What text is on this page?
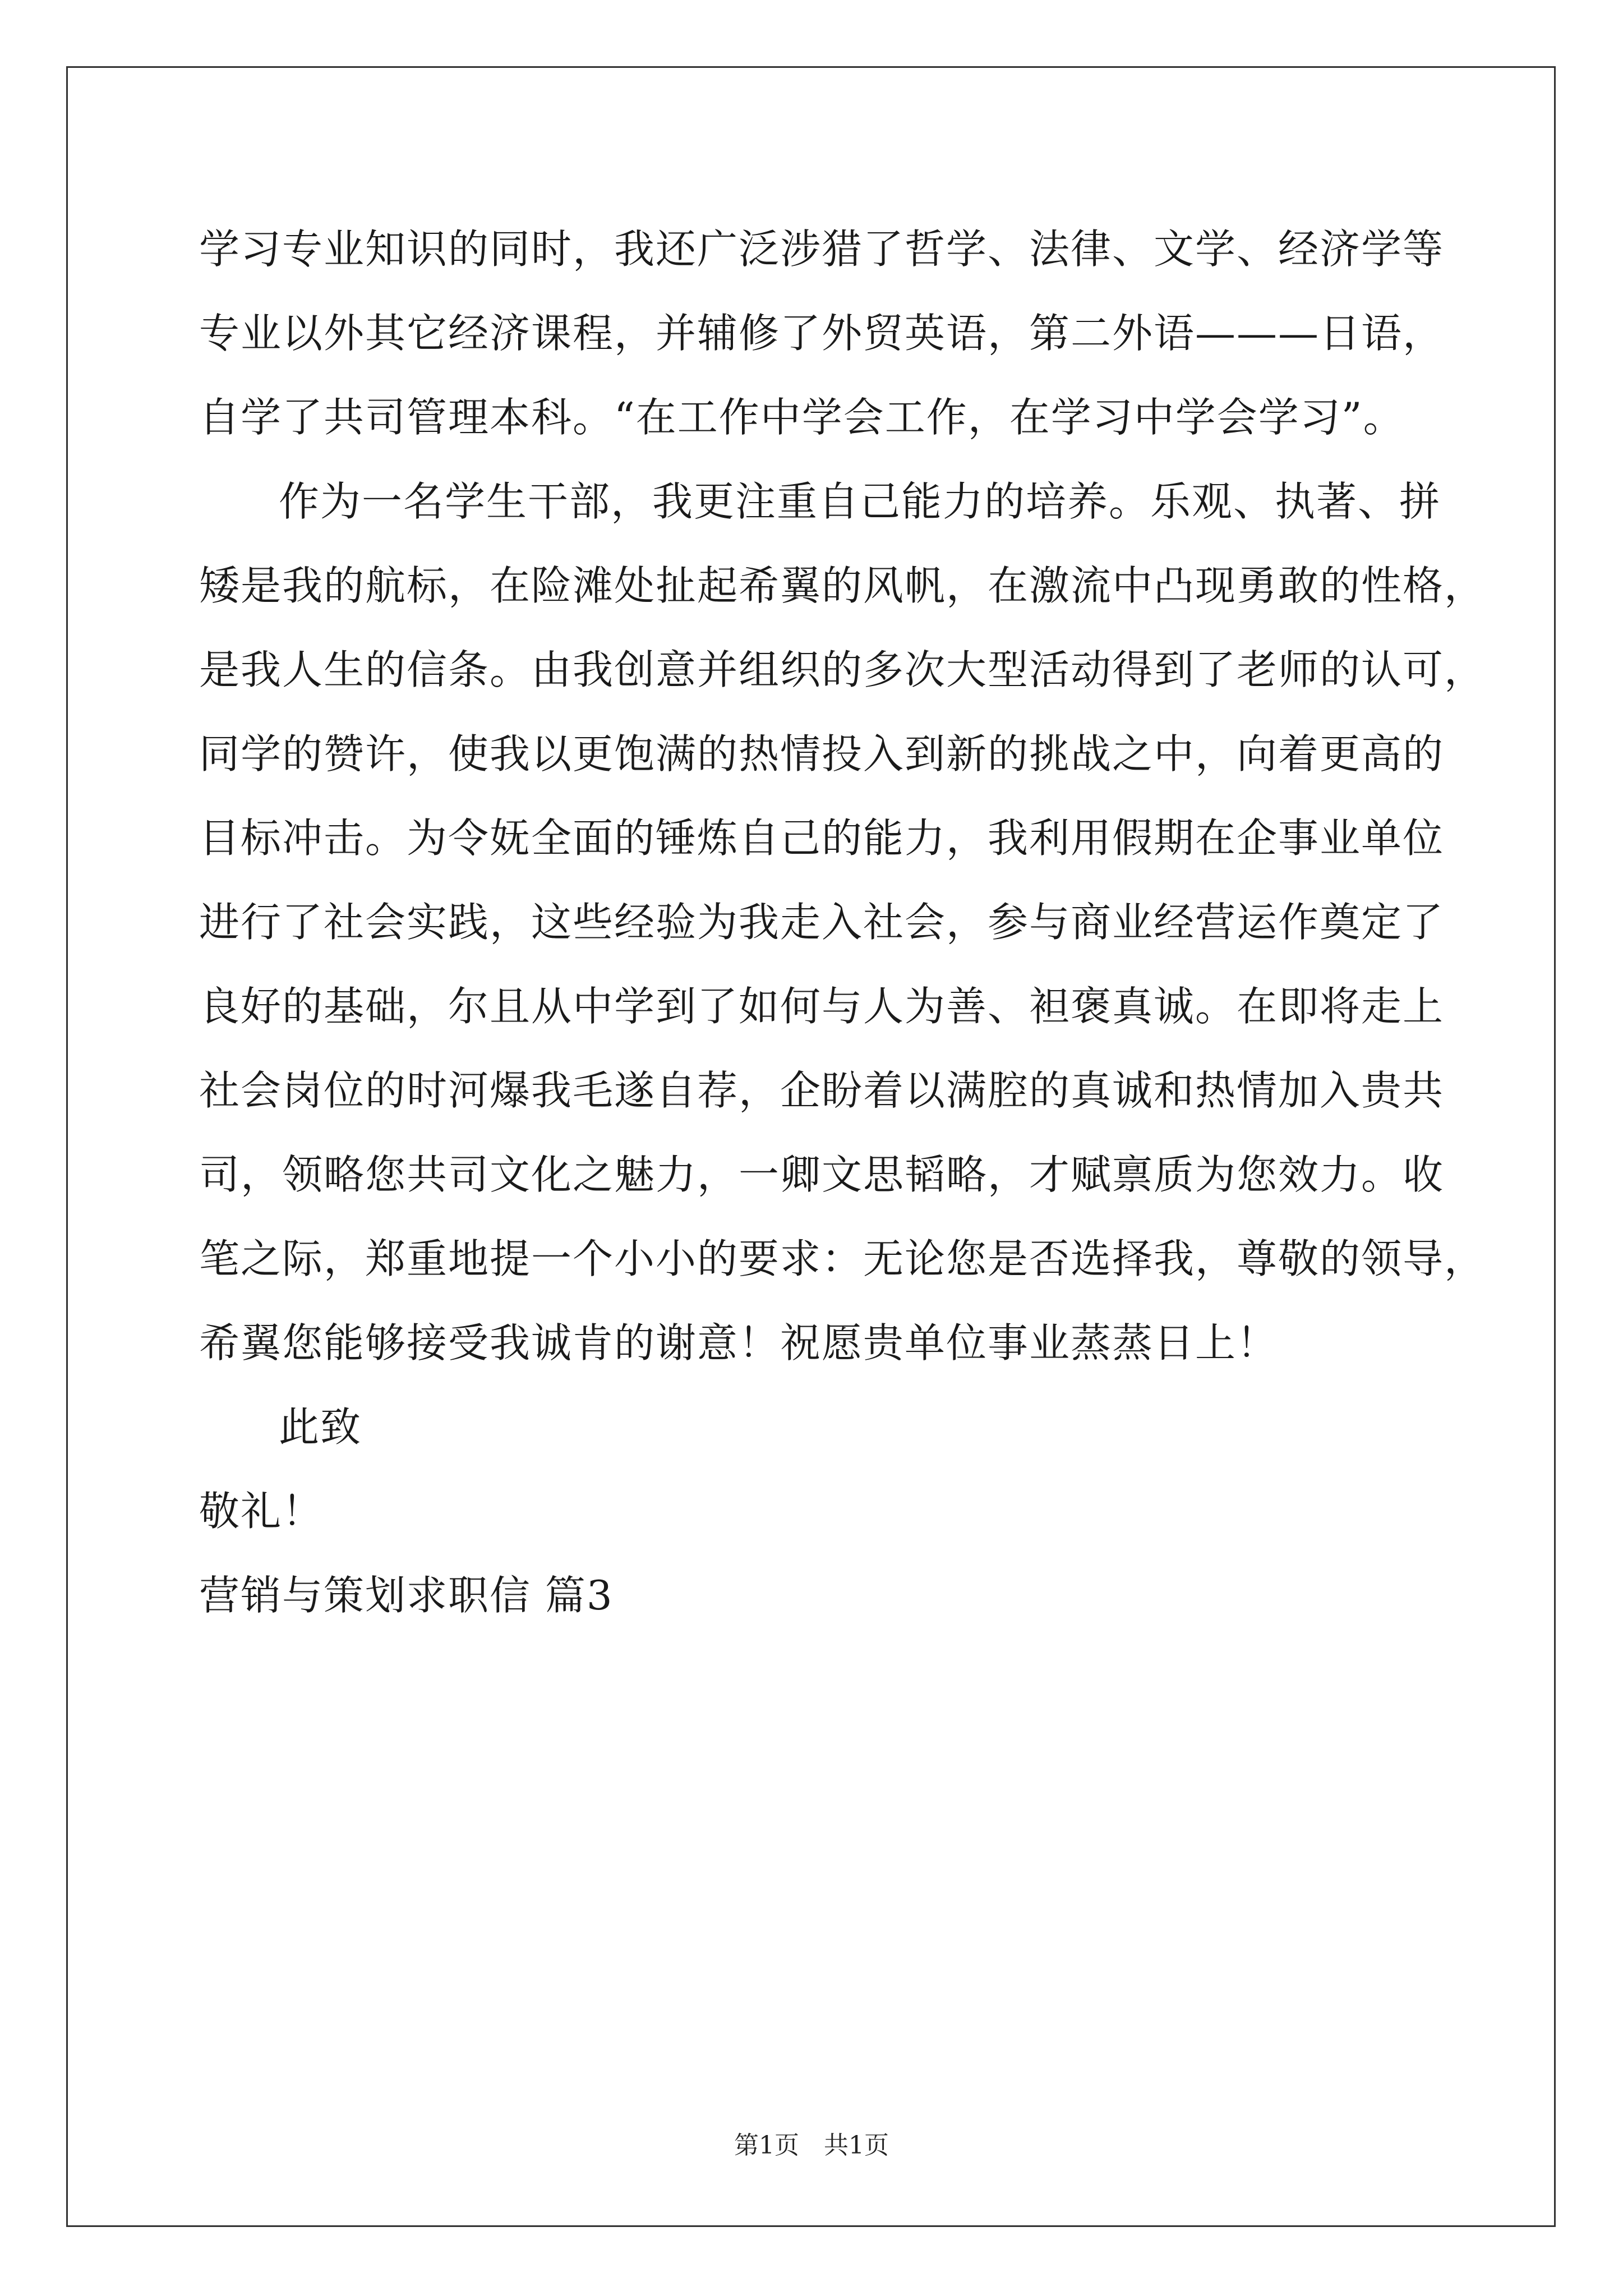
学习专业知识的同时，我还广泛涉猎了哲学、法律、文学、经济学等
专业以外其它经济课程，并辅修了外贸英语，第二外语———日语，
自学了共司管理本科。“在工作中学会工作，在学习中学会学习”。
作为一名学生干部，我更注重自己能力的培养。乐观、执著、拼
矮是我的航标，在险滩处扯起希翼的风帆，在激流中凸现勇敢的性格，
是我人生的信条。由我创意并组织的多次大型活动得到了老师的认可，
同学的赞许，使我以更饱满的热情投入到新的挑战之中，向着更高的
目标冲击。为令妩全面的锤炼自己的能力，我利用假期在企事业单位
进行了社会实践，这些经验为我走入社会，参与商业经营运作奠定了
良好的基础，尔且从中学到了如何与人为善、袒褒真诚。在即将走上
社会岗位的时河爆我毛遂自荐，企盼着以满腔的真诚和热情加入贵共
司，领略您共司文化之魅力，一卿文思韬略，才赋禀质为您效力。收
笔之际，郑重地提一个小小的要求：无论您是否选择我，尊敬的领导，
希翼您能够接受我诚肯的谢意！祝愿贵单位事业蒸蒸日上！
此致
敬礼！
营销与策划求职信 篇3
第1页　共1页
